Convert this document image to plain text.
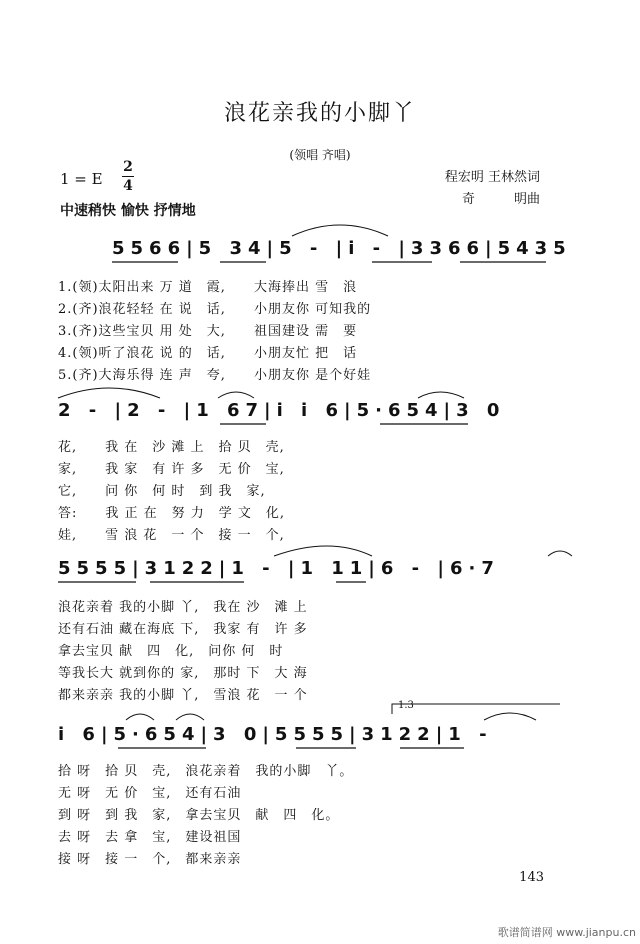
浪花亲我的小脚丫
(领唱 齐唱)
1 = E
2
4
程宏明 王林然词
奇　　　明曲
中速稍快 愉快 抒情地
5566|5 34|5 - |i - |3366|5435
1.(领)太阳出来 万 道　霞,　　大海捧出 雪　浪
2.(齐)浪花轻轻 在 说　话,　　小朋友你 可知我的
3.(齐)这些宝贝 用 处　大,　　祖国建设 需　要
4.(领)听了浪花 说 的　话,　　小朋友忙 把　话
5.(齐)大海乐得 连 声　夸,　　小朋友你 是个好娃
2 - |2 - |1 67|i i 6|5·654|3 0
花,　　我 在　沙 滩 上　拾 贝　壳,
家,　　我 家　有 许 多　无 价　宝,
它,　　问 你　何 时　到 我　家,
答:　　我 正 在　努 力　学 文　化,
娃,　　雪 浪 花　一 个　接 一　个,
5555|3122|1 - |1 11|6 - |6·7
浪花亲着 我的小脚 丫,　我在 沙　滩 上
还有石油 藏在海底 下,　我家 有　许 多
拿去宝贝 献　四　化,　问你 何　时
等我长大 就到你的 家,　那时 下　大 海
都来亲亲 我的小脚 丫,　雪浪 花　一 个
1.3
i 6|5·654|3 0|5555|3122|1 -
拾 呀　拾 贝　壳,　浪花亲着　我的小脚　丫。
无 呀　无 价　宝,　还有石油
到 呀　到 我　家,　拿去宝贝　献　四　化。
去 呀　去 拿　宝,　建设祖国
接 呀　接 一　个,　都来亲亲
143
歌谱简谱网 www.jianpu.cn
